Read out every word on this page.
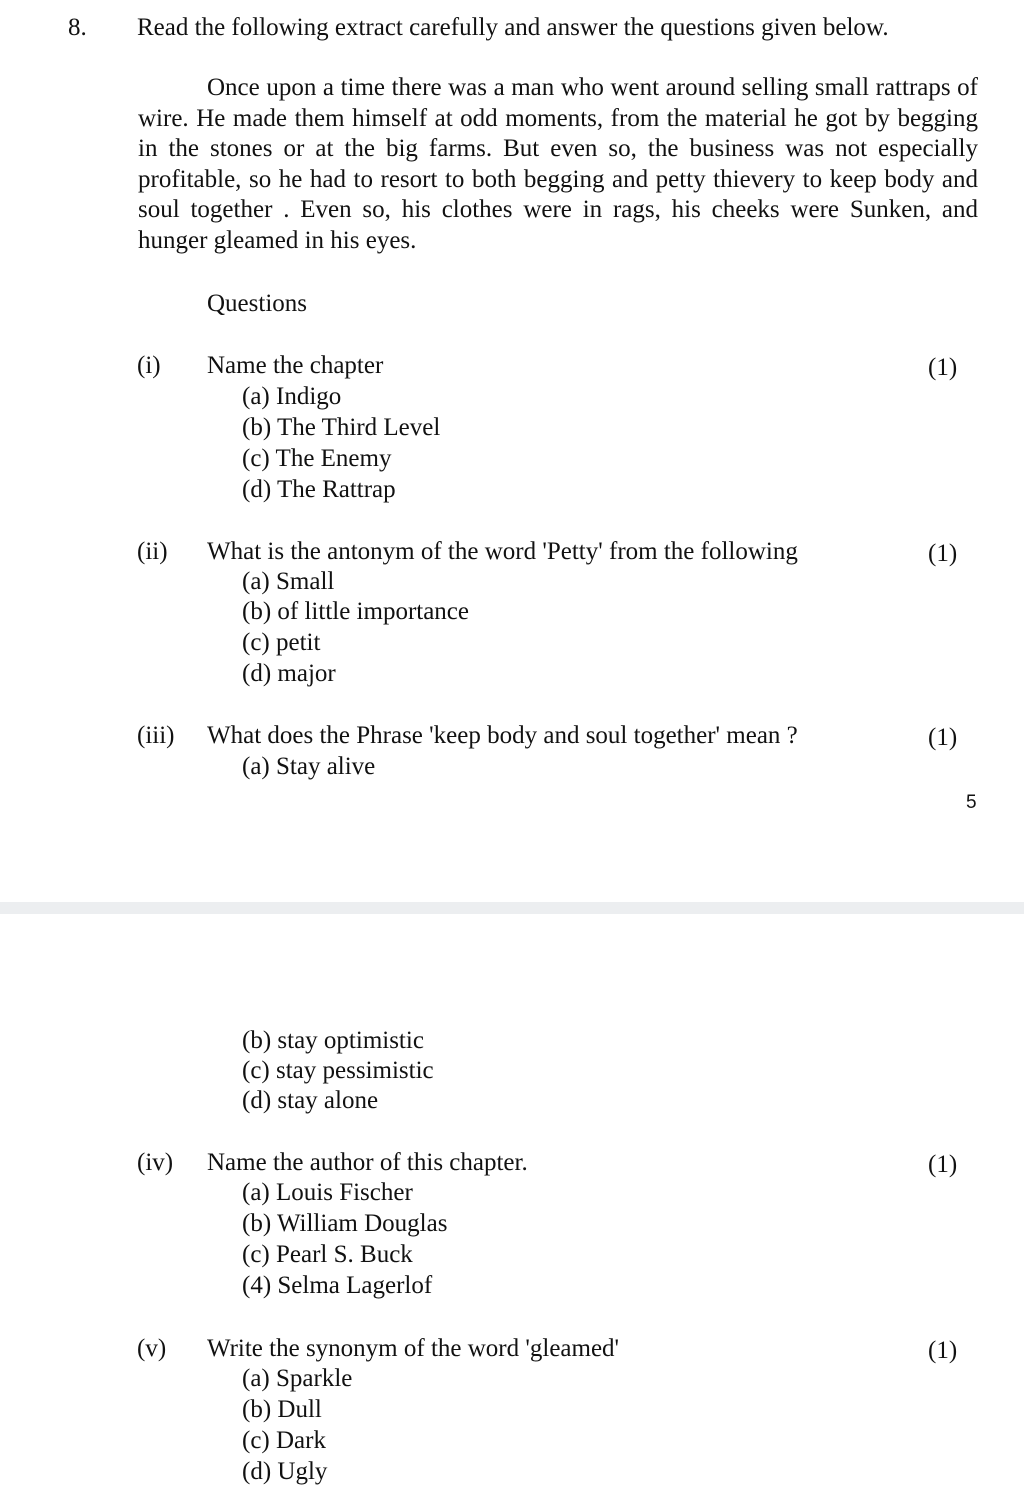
8. Read the following extract carefully and answer the questions given below.
Once upon a time there was a man who went around selling small rattraps of wire. He made them himself at odd moments, from the material he got by begging in the stones or at the big farms. But even so, the business was not especially profitable, so he had to resort to both begging and petty thievery to keep body and soul together . Even so, his clothes were in rags, his cheeks were Sunken, and hunger gleamed in his eyes.
Questions
(i) Name the chapter	(1)
(a) Indigo
(b) The Third Level
(c) The Enemy
(d) The Rattrap
(ii) What is the antonym of the word 'Petty' from the following	(1)
(a) Small
(b) of little importance
(c) petit
(d) major
(iii) What does the Phrase 'keep body and soul together' mean ?	(1)
(a) Stay alive
5
(b) stay optimistic
(c) stay pessimistic
(d) stay alone
(iv) Name the author of this chapter.	(1)
(a) Louis Fischer
(b) William Douglas
(c) Pearl S. Buck
(4) Selma Lagerlof
(v) Write the synonym of the word 'gleamed'	(1)
(a) Sparkle
(b) Dull
(c) Dark
(d) Ugly
